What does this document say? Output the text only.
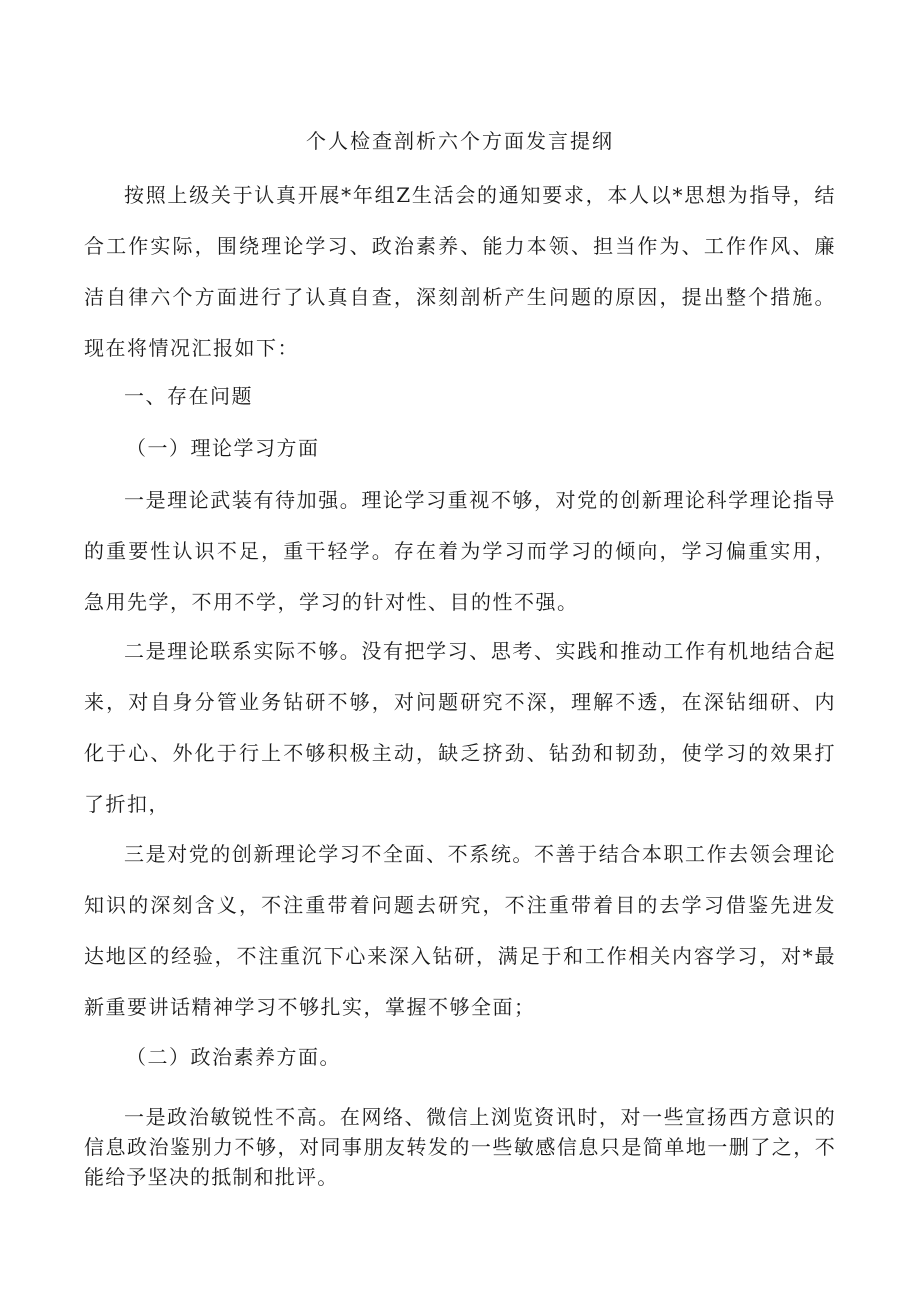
个人检查剖析六个方面发言提纲

按照上级关于认真开展*年组Z生活会的通知要求，本人以*思想为指导，结合工作实际，围绕理论学习、政治素养、能力本领、担当作为、工作作风、廉洁自律六个方面进行了认真自查，深刻剖析产生问题的原因，提出整个措施。现在将情况汇报如下：

一、存在问题
（一）理论学习方面

一是理论武装有待加强。理论学习重视不够，对党的创新理论科学理论指导的重要性认识不足，重干轻学。存在着为学习而学习的倾向，学习偏重实用，急用先学，不用不学，学习的针对性、目的性不强。

二是理论联系实际不够。没有把学习、思考、实践和推动工作有机地结合起来，对自身分管业务钻研不够，对问题研究不深，理解不透，在深钻细研、内化于心、外化于行上不够积极主动，缺乏挤劲、钻劲和韧劲，使学习的效果打了折扣，

三是对党的创新理论学习不全面、不系统。不善于结合本职工作去领会理论知识的深刻含义，不注重带着问题去研究，不注重带着目的去学习借鉴先进发达地区的经验，不注重沉下心来深入钻研，满足于和工作相关内容学习，对*最新重要讲话精神学习不够扎实，掌握不够全面；

（二）政治素养方面。

一是政治敏锐性不高。在网络、微信上浏览资讯时，对一些宣扬西方意识的信息政治鉴别力不够，对同事朋友转发的一些敏感信息只是简单地一删了之，不能给予坚决的抵制和批评。
